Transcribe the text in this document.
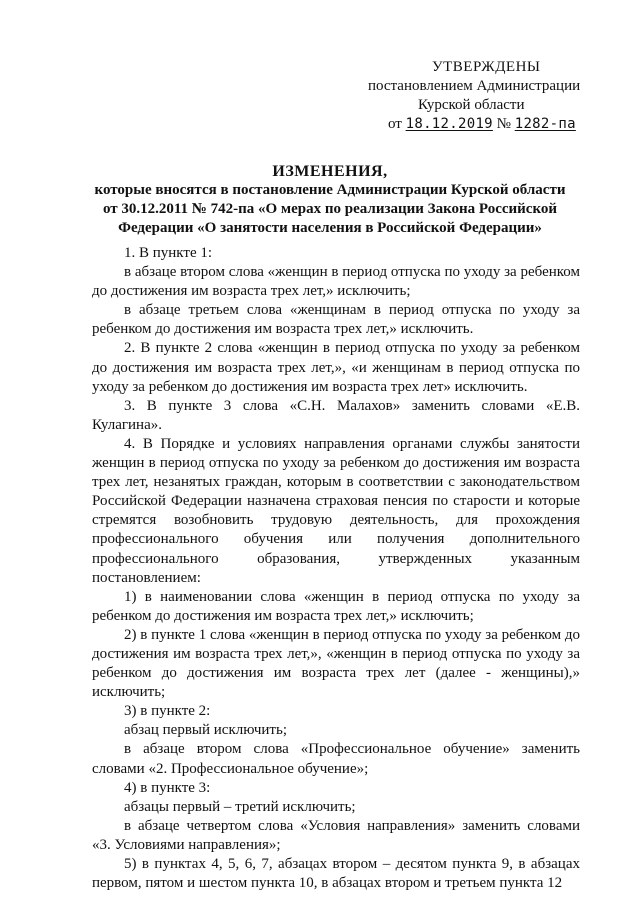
УТВЕРЖДЕНЫ
постановлением Администрации
Курской области
от 18.12.2019 № 1282-па
ИЗМЕНЕНИЯ,
которые вносятся в постановление Администрации Курской области
от 30.12.2011 № 742-па «О мерах по реализации Закона Российской
Федерации «О занятости населения в Российской Федерации»

1. В пункте 1:

в абзаце втором слова «женщин в период отпуска по уходу за ребенком до достижения им возраста трех лет,» исключить;

в абзаце третьем слова «женщинам в период отпуска по уходу за ребенком до достижения им возраста трех лет,» исключить.

2. В пункте 2 слова «женщин в период отпуска по уходу за ребенком до достижения им возраста трех лет,», «и женщинам в период отпуска по уходу за ребенком до достижения им возраста трех лет» исключить.

3. В пункте 3 слова «С.Н. Малахов» заменить словами «Е.В. Кулагина».

4. В Порядке и условиях направления органами службы занятости женщин в период отпуска по уходу за ребенком до достижения им возраста трех лет, незанятых граждан, которым в соответствии с законодательством Российской Федерации назначена страховая пенсия по старости и которые стремятся возобновить трудовую деятельность, для прохождения профессионального обучения или получения дополнительного профессионального образования, утвержденных указанным постановлением:

1) в наименовании слова «женщин в период отпуска по уходу за ребенком до достижения им возраста трех лет,» исключить;

2) в пункте 1 слова «женщин в период отпуска по уходу за ребенком до достижения им возраста трех лет,», «женщин в период отпуска по уходу за ребенком до достижения им возраста трех лет (далее - женщины),» исключить;

3) в пункте 2:

абзац первый исключить;

в абзаце втором слова «Профессиональное обучение» заменить словами «2. Профессиональное обучение»;

4) в пункте 3:

абзацы первый – третий исключить;

в абзаце четвертом слова «Условия направления» заменить словами «3. Условиями направления»;

5) в пунктах 4, 5, 6, 7, абзацах втором – десятом пункта 9, в абзацах первом, пятом и шестом пункта 10, в абзацах втором и третьем пункта 12
